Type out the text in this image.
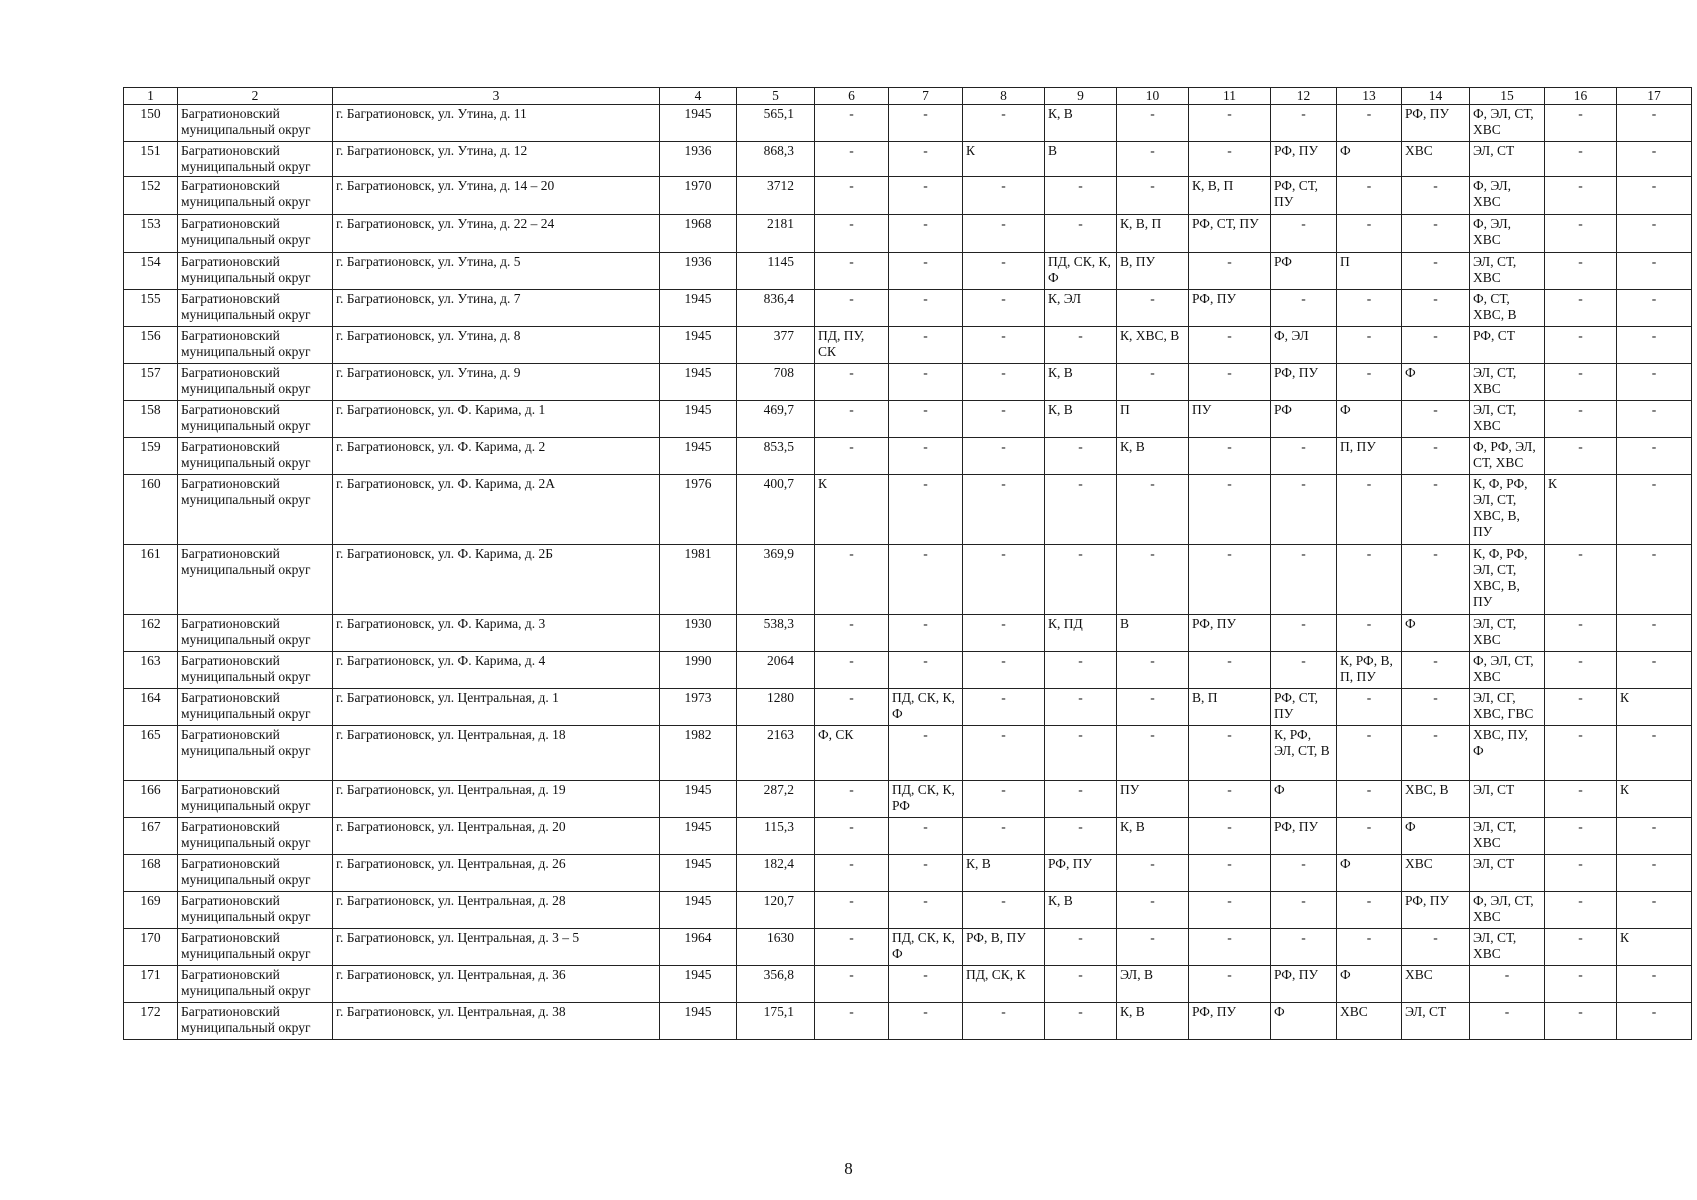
1	2	3	4	5	6	7	8	9	10	11	12	13	14	15	16	17
150	Багратионовский муниципальный округ	г. Багратионовск, ул. Утина, д. 11	1945	565,1	-	-	-	К, В	-	-	-	-	РФ, ПУ	Ф, ЭЛ, СТ, ХВС	-	-
151	Багратионовский муниципальный округ	г. Багратионовск, ул. Утина, д. 12	1936	868,3	-	-	К	В	-	-	РФ, ПУ	Ф	ХВС	ЭЛ, СТ	-	-
152	Багратионовский муниципальный округ	г. Багратионовск, ул. Утина, д. 14 – 20	1970	3712	-	-	-	-	-	К, В, П	РФ, СТ, ПУ	-	-	Ф, ЭЛ, ХВС	-	-
153	Багратионовский муниципальный округ	г. Багратионовск, ул. Утина, д. 22 – 24	1968	2181	-	-	-	-	К, В, П	РФ, СТ, ПУ	-	-	-	Ф, ЭЛ, ХВС	-	-
154	Багратионовский муниципальный округ	г. Багратионовск, ул. Утина, д. 5	1936	1145	-	-	-	ПД, СК, К, Ф	В, ПУ	-	РФ	П	-	ЭЛ, СТ, ХВС	-	-
155	Багратионовский муниципальный округ	г. Багратионовск, ул. Утина, д. 7	1945	836,4	-	-	-	К, ЭЛ	-	РФ, ПУ	-	-	-	Ф, СТ, ХВС, В	-	-
156	Багратионовский муниципальный округ	г. Багратионовск, ул. Утина, д. 8	1945	377	ПД, ПУ, СК	-	-	-	К, ХВС, В	-	Ф, ЭЛ	-	-	РФ, СТ	-	-
157	Багратионовский муниципальный округ	г. Багратионовск, ул. Утина, д. 9	1945	708	-	-	-	К, В	-	-	РФ, ПУ	-	Ф	ЭЛ, СТ, ХВС	-	-
158	Багратионовский муниципальный округ	г. Багратионовск, ул. Ф. Карима, д. 1	1945	469,7	-	-	-	К, В	П	ПУ	РФ	Ф	-	ЭЛ, СТ, ХВС	-	-
159	Багратионовский муниципальный округ	г. Багратионовск, ул. Ф. Карима, д. 2	1945	853,5	-	-	-	-	К, В	-	-	П, ПУ	-	Ф, РФ, ЭЛ, СТ, ХВС	-	-
160	Багратионовский муниципальный округ	г. Багратионовск, ул. Ф. Карима, д. 2А	1976	400,7	К	-	-	-	-	-	-	-	-	К, Ф, РФ, ЭЛ, СТ, ХВС, В, ПУ	К	-
161	Багратионовский муниципальный округ	г. Багратионовск, ул. Ф. Карима, д. 2Б	1981	369,9	-	-	-	-	-	-	-	-	-	К, Ф, РФ, ЭЛ, СТ, ХВС, В, ПУ	-	-
162	Багратионовский муниципальный округ	г. Багратионовск, ул. Ф. Карима, д. 3	1930	538,3	-	-	-	К, ПД	В	РФ, ПУ	-	-	Ф	ЭЛ, СТ, ХВС	-	-
163	Багратионовский муниципальный округ	г. Багратионовск, ул. Ф. Карима, д. 4	1990	2064	-	-	-	-	-	-	-	К, РФ, В, П, ПУ	-	Ф, ЭЛ, СТ, ХВС	-	-
164	Багратионовский муниципальный округ	г. Багратионовск, ул. Центральная, д. 1	1973	1280	-	ПД, СК, К, Ф	-	-	-	В, П	РФ, СТ, ПУ	-	-	ЭЛ, СГ, ХВС, ГВС	-	К
165	Багратионовский муниципальный округ	г. Багратионовск, ул. Центральная, д. 18	1982	2163	Ф, СК	-	-	-	-	-	К, РФ, ЭЛ, СТ, В	-	-	ХВС, ПУ, Ф	-	-
166	Багратионовский муниципальный округ	г. Багратионовск, ул. Центральная, д. 19	1945	287,2	-	ПД, СК, К, РФ	-	-	ПУ	-	Ф	-	ХВС, В	ЭЛ, СТ	-	К
167	Багратионовский муниципальный округ	г. Багратионовск, ул. Центральная, д. 20	1945	115,3	-	-	-	-	К, В	-	РФ, ПУ	-	Ф	ЭЛ, СТ, ХВС	-	-
168	Багратионовский муниципальный округ	г. Багратионовск, ул. Центральная, д. 26	1945	182,4	-	-	К, В	РФ, ПУ	-	-	-	Ф	ХВС	ЭЛ, СТ	-	-
169	Багратионовский муниципальный округ	г. Багратионовск, ул. Центральная, д. 28	1945	120,7	-	-	-	К, В	-	-	-	-	РФ, ПУ	Ф, ЭЛ, СТ, ХВС	-	-
170	Багратионовский муниципальный округ	г. Багратионовск, ул. Центральная, д. 3 – 5	1964	1630	-	ПД, СК, К, Ф	РФ, В, ПУ	-	-	-	-	-	-	ЭЛ, СТ, ХВС	-	К
171	Багратионовский муниципальный округ	г. Багратионовск, ул. Центральная, д. 36	1945	356,8	-	-	ПД, СК, К	-	ЭЛ, В	-	РФ, ПУ	Ф	ХВС	-	-	-
172	Багратионовский муниципальный округ	г. Багратионовск, ул. Центральная, д. 38	1945	175,1	-	-	-	-	К, В	РФ, ПУ	Ф	ХВС	ЭЛ, СТ	-	-	-
8
